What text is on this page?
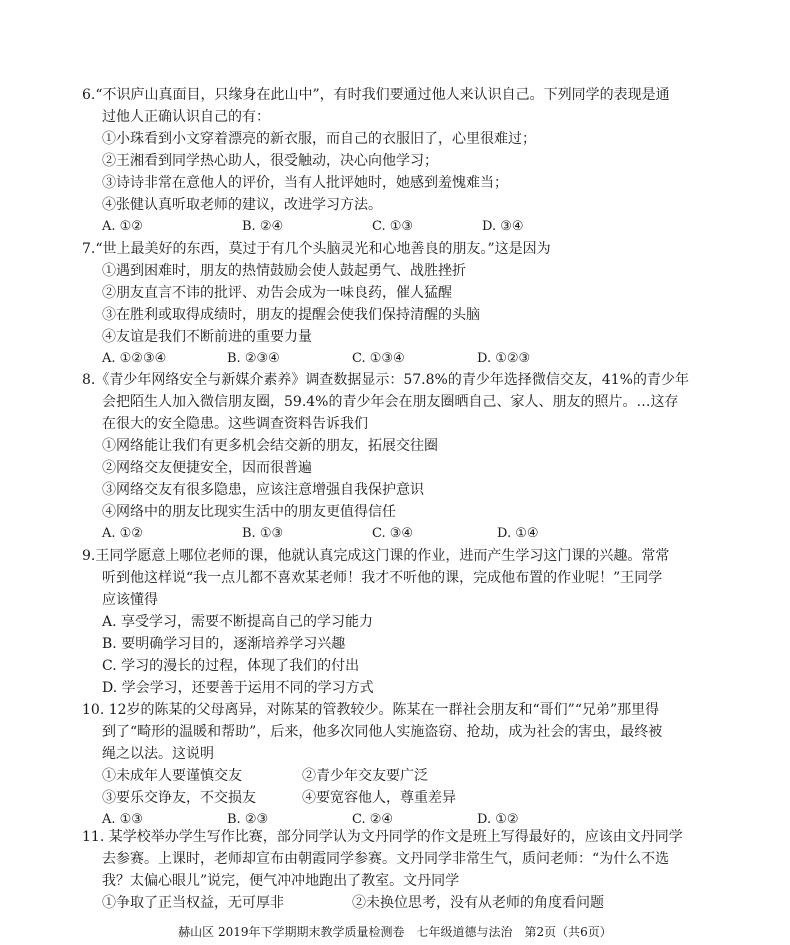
6.“不识庐山真面目，只缘身在此山中”，有时我们要通过他人来认识自己。下列同学的表现是通
过他人正确认识自己的有：
①小珠看到小文穿着漂亮的新衣服，而自己的衣服旧了，心里很难过；
②王湘看到同学热心助人，很受触动，决心向他学习；
③诗诗非常在意他人的评价，当有人批评她时，她感到羞愧难当；
④张健认真听取老师的建议，改进学习方法。
A. ①②	B. ②④	C. ①③	D. ③④
7.“世上最美好的东西，莫过于有几个头脑灵光和心地善良的朋友。”这是因为
①遇到困难时，朋友的热情鼓励会使人鼓起勇气、战胜挫折
②朋友直言不讳的批评、劝告会成为一味良药，催人猛醒
③在胜利或取得成绩时，朋友的提醒会使我们保持清醒的头脑
④友谊是我们不断前进的重要力量
A. ①②③④	B. ②③④	C. ①③④	D. ①②③
8.《青少年网络安全与新媒介素养》调查数据显示：57.8%的青少年选择微信交友，41%的青少年
会把陌生人加入微信朋友圈，59.4%的青少年会在朋友圈晒自己、家人、朋友的照片。…这存
在很大的安全隐患。这些调查资料告诉我们
①网络能让我们有更多机会结交新的朋友，拓展交往圈
②网络交友便捷安全，因而很普遍
③网络交友有很多隐患，应该注意增强自我保护意识
④网络中的朋友比现实生活中的朋友更值得信任
A. ①②	B. ①③	C. ③④	D. ①④
9.王同学愿意上哪位老师的课，他就认真完成这门课的作业，进而产生学习这门课的兴趣。常常
听到他这样说“我一点儿都不喜欢某老师！我才不听他的课，完成他布置的作业呢！”王同学
应该懂得
A. 享受学习，需要不断提高自己的学习能力
B. 要明确学习目的，逐渐培养学习兴趣
C. 学习的漫长的过程，体现了我们的付出
D. 学会学习，还要善于运用不同的学习方式
10. 12岁的陈某的父母离异，对陈某的管教较少。陈某在一群社会朋友和“哥们”“兄弟”那里得
到了“畸形的温暖和帮助”，后来，他多次同他人实施盗窃、抢劫，成为社会的害虫，最终被
绳之以法。这说明
①未成年人要谨慎交友	②青少年交友要广泛
③要乐交诤友，不交损友	④要宽容他人，尊重差异
A. ①③	B. ②③	C. ②④	D. ①②
11. 某学校举办学生写作比赛，部分同学认为文丹同学的作文是班上写得最好的，应该由文丹同学
去参赛。上课时，老师却宣布由朝霞同学参赛。文丹同学非常生气，质问老师：“为什么不选
我？太偏心眼儿”说完，便气冲冲地跑出了教室。文丹同学
①争取了正当权益，无可厚非	②未换位思考，没有从老师的角度看问题
赫山区 2019年下学期期末教学质量检测卷　七年级道德与法治　第2页（共6页）
